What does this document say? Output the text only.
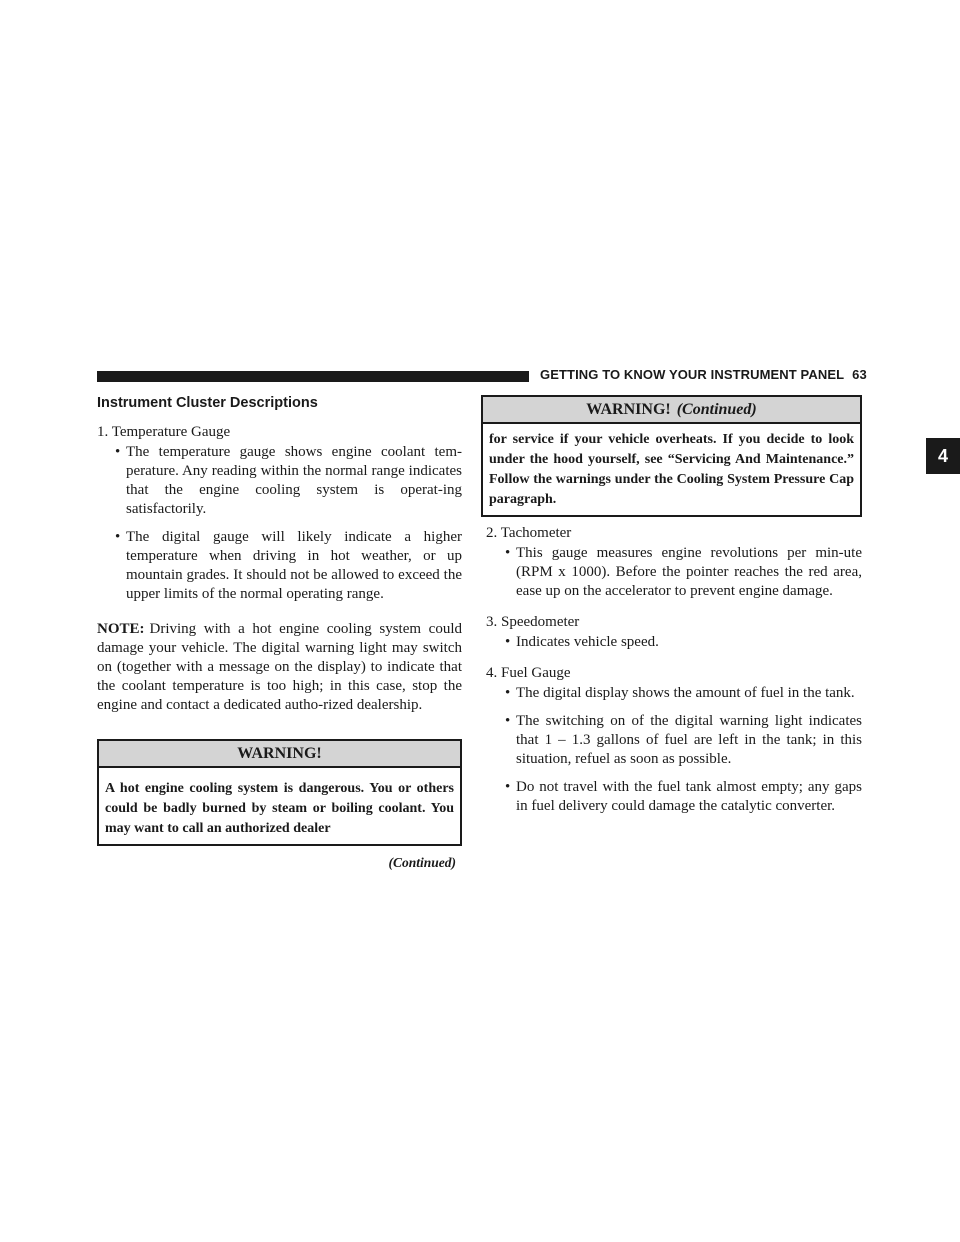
GETTING TO KNOW YOUR INSTRUMENT PANEL 63
4
Instrument Cluster Descriptions
1. Temperature Gauge
• The temperature gauge shows engine coolant tem-perature. Any reading within the normal range indicates that the engine cooling system is operat-ing satisfactorily.
• The digital gauge will likely indicate a higher temperature when driving in hot weather, or up mountain grades. It should not be allowed to exceed the upper limits of the normal operating range.

NOTE: Driving with a hot engine cooling system could damage your vehicle. The digital warning light may switch on (together with a message on the display) to indicate that the coolant temperature is too high; in this case, stop the engine and contact a dedicated autho-rized dealership.

WARNING!
A hot engine cooling system is dangerous. You or others could be badly burned by steam or boiling coolant. You may want to call an authorized dealer
(Continued)
WARNING! (Continued)
for service if your vehicle overheats. If you decide to look under the hood yourself, see “Servicing And Maintenance.” Follow the warnings under the Cooling System Pressure Cap paragraph.
2. Tachometer
• This gauge measures engine revolutions per min-ute (RPM x 1000). Before the pointer reaches the red area, ease up on the accelerator to prevent engine damage.
3. Speedometer
• Indicates vehicle speed.
4. Fuel Gauge
• The digital display shows the amount of fuel in the tank.
• The switching on of the digital warning light indicates that 1 – 1.3 gallons of fuel are left in the tank; in this situation, refuel as soon as possible.
• Do not travel with the fuel tank almost empty; any gaps in fuel delivery could damage the catalytic converter.
